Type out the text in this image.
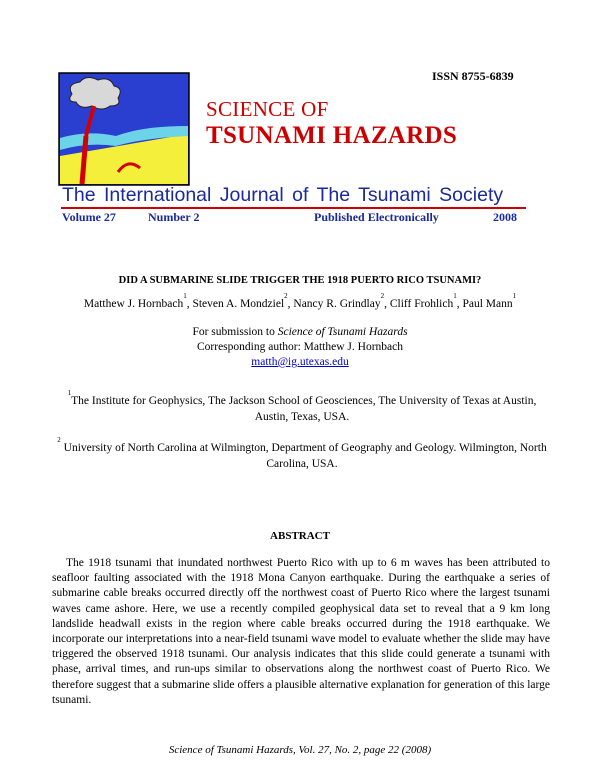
ISSN 8755-6839
SCIENCE OF
TSUNAMI HAZARDS
The International Journal of The Tsunami Society
Volume 27	Number 2	Published Electronically	2008
DID A SUBMARINE SLIDE TRIGGER THE 1918 PUERTO RICO TSUNAMI?
Matthew J. Hornbach$^1$, Steven A. Mondziel$^2$, Nancy R. Grindlay$^2$, Cliff Frohlich$^1$, Paul Mann$^1$
For submission to Science of Tsunami Hazards
Corresponding author: Matthew J. Hornbach
matth@ig.utexas.edu
$^1$The Institute for Geophysics, The Jackson School of Geosciences, The University of Texas at Austin, Austin, Texas, USA.
$^2$ University of North Carolina at Wilmington, Department of Geography and Geology. Wilmington, North Carolina, USA.
ABSTRACT
The 1918 tsunami that inundated northwest Puerto Rico with up to 6 m waves has been attributed to seafloor faulting associated with the 1918 Mona Canyon earthquake. During the earthquake a series of submarine cable breaks occurred directly off the northwest coast of Puerto Rico where the largest tsunami waves came ashore. Here, we use a recently compiled geophysical data set to reveal that a 9 km long landslide headwall exists in the region where cable breaks occurred during the 1918 earthquake. We incorporate our interpretations into a near-field tsunami wave model to evaluate whether the slide may have triggered the observed 1918 tsunami. Our analysis indicates that this slide could generate a tsunami with phase, arrival times, and run-ups similar to observations along the northwest coast of Puerto Rico. We therefore suggest that a submarine slide offers a plausible alternative explanation for generation of this large tsunami.
Science of Tsunami Hazards, Vol. 27, No. 2, page 22 (2008)
